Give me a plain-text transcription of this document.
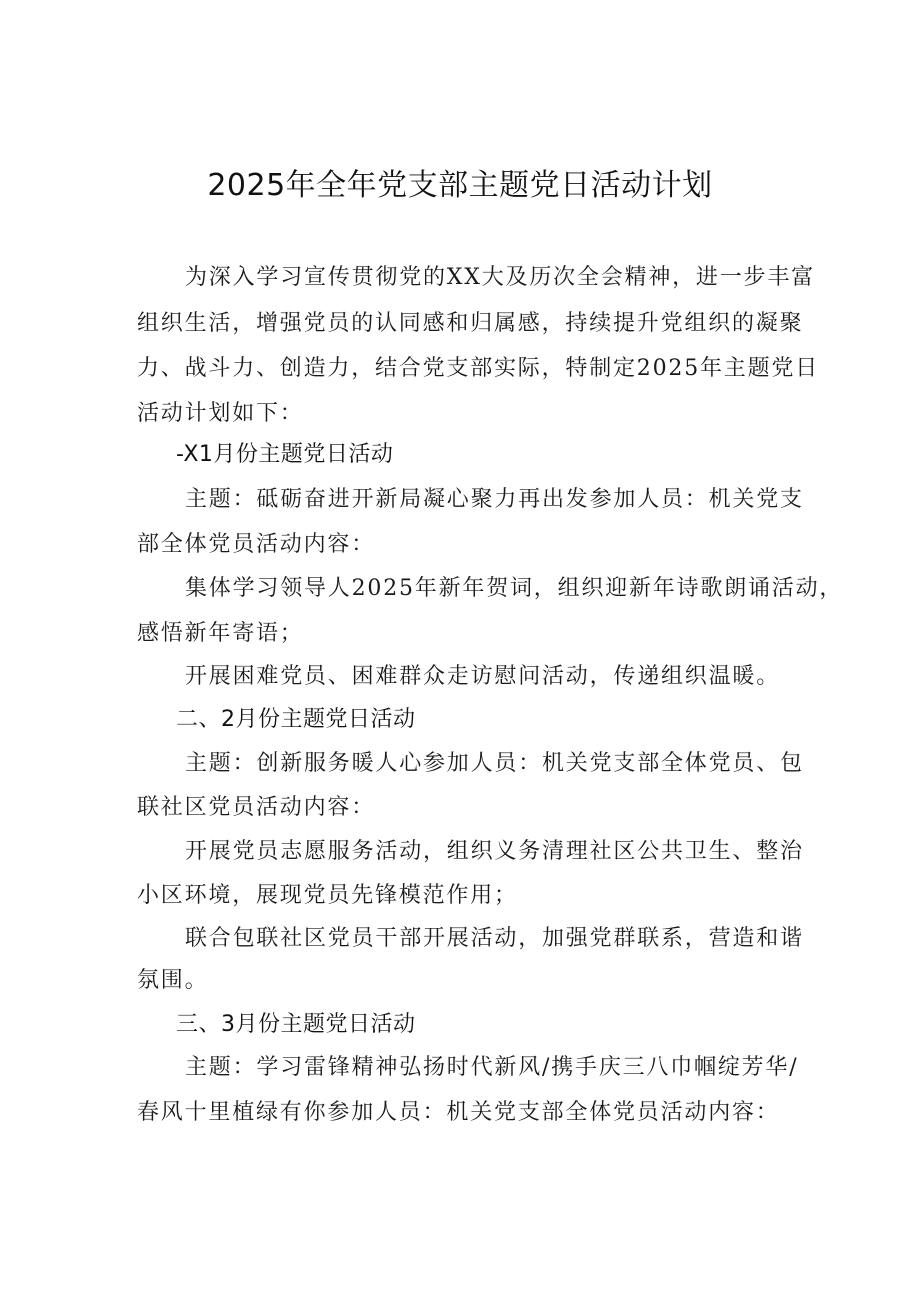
2025年全年党支部主题党日活动计划
为深入学习宣传贯彻党的XX大及历次全会精神，进一步丰富
组织生活，增强党员的认同感和归属感，持续提升党组织的凝聚
力、战斗力、创造力，结合党支部实际，特制定2025年主题党日
活动计划如下：
-X1月份主题党日活动
主题：砥砺奋进开新局凝心聚力再出发参加人员：机关党支
部全体党员活动内容：
集体学习领导人2025年新年贺词，组织迎新年诗歌朗诵活动，
感悟新年寄语；
开展困难党员、困难群众走访慰问活动，传递组织温暖。
二、2月份主题党日活动
主题：创新服务暖人心参加人员：机关党支部全体党员、包
联社区党员活动内容：
开展党员志愿服务活动，组织义务清理社区公共卫生、整治
小区环境，展现党员先锋模范作用；
联合包联社区党员干部开展活动，加强党群联系，营造和谐
氛围。
三、3月份主题党日活动
主题：学习雷锋精神弘扬时代新风/携手庆三八巾帼绽芳华/
春风十里植绿有你参加人员：机关党支部全体党员活动内容：
